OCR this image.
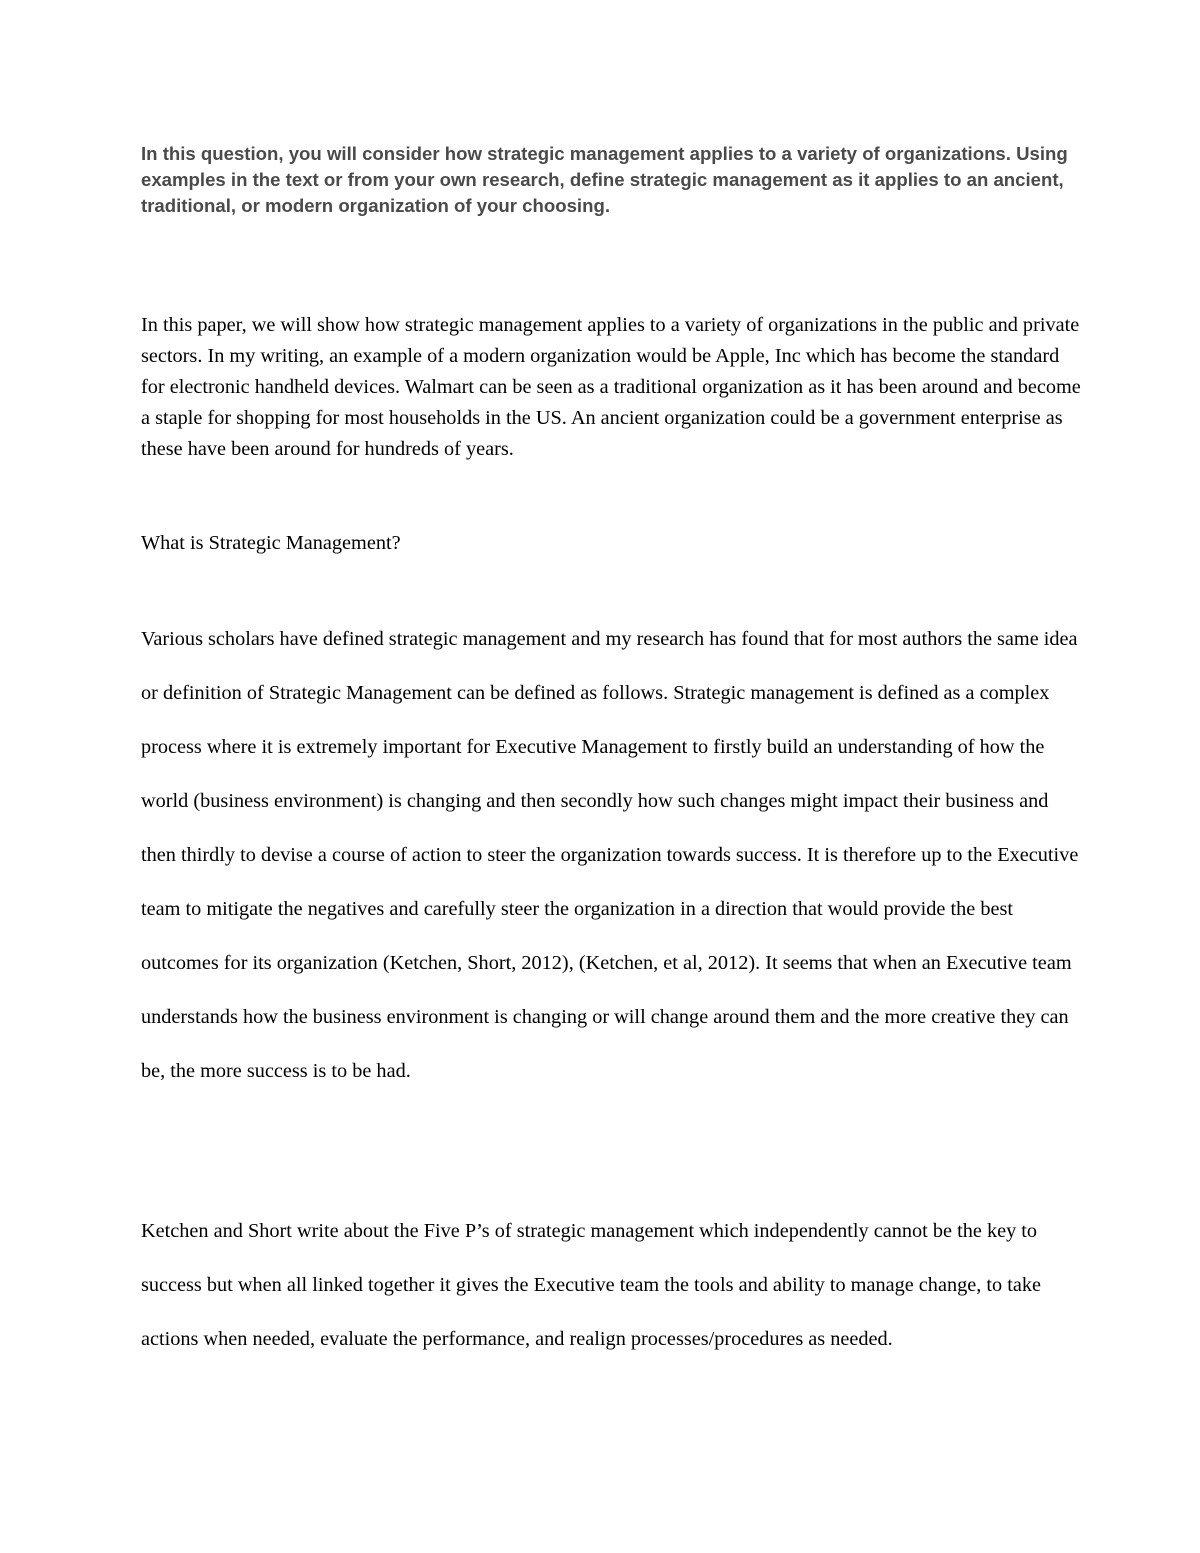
In this question, you will consider how strategic management applies to a variety of organizations. Using examples in the text or from your own research, define strategic management as it applies to an ancient, traditional, or modern organization of your choosing.

In this paper, we will show how strategic management applies to a variety of organizations in the public and private sectors. In my writing, an example of a modern organization would be Apple, Inc which has become the standard for electronic handheld devices. Walmart can be seen as a traditional organization as it has been around and become a staple for shopping for most households in the US. An ancient organization could be a government enterprise as these have been around for hundreds of years.

What is Strategic Management?

Various scholars have defined strategic management and my research has found that for most authors the same idea or definition of Strategic Management can be defined as follows. Strategic management is defined as a complex process where it is extremely important for Executive Management to firstly build an understanding of how the world (business environment) is changing and then secondly how such changes might impact their business and then thirdly to devise a course of action to steer the organization towards success. It is therefore up to the Executive team to mitigate the negatives and carefully steer the organization in a direction that would provide the best outcomes for its organization (Ketchen, Short, 2012), (Ketchen, et al, 2012). It seems that when an Executive team understands how the business environment is changing or will change around them and the more creative they can be, the more success is to be had.

Ketchen and Short write about the Five P’s of strategic management which independently cannot be the key to success but when all linked together it gives the Executive team the tools and ability to manage change, to take actions when needed, evaluate the performance, and realign processes/procedures as needed.
